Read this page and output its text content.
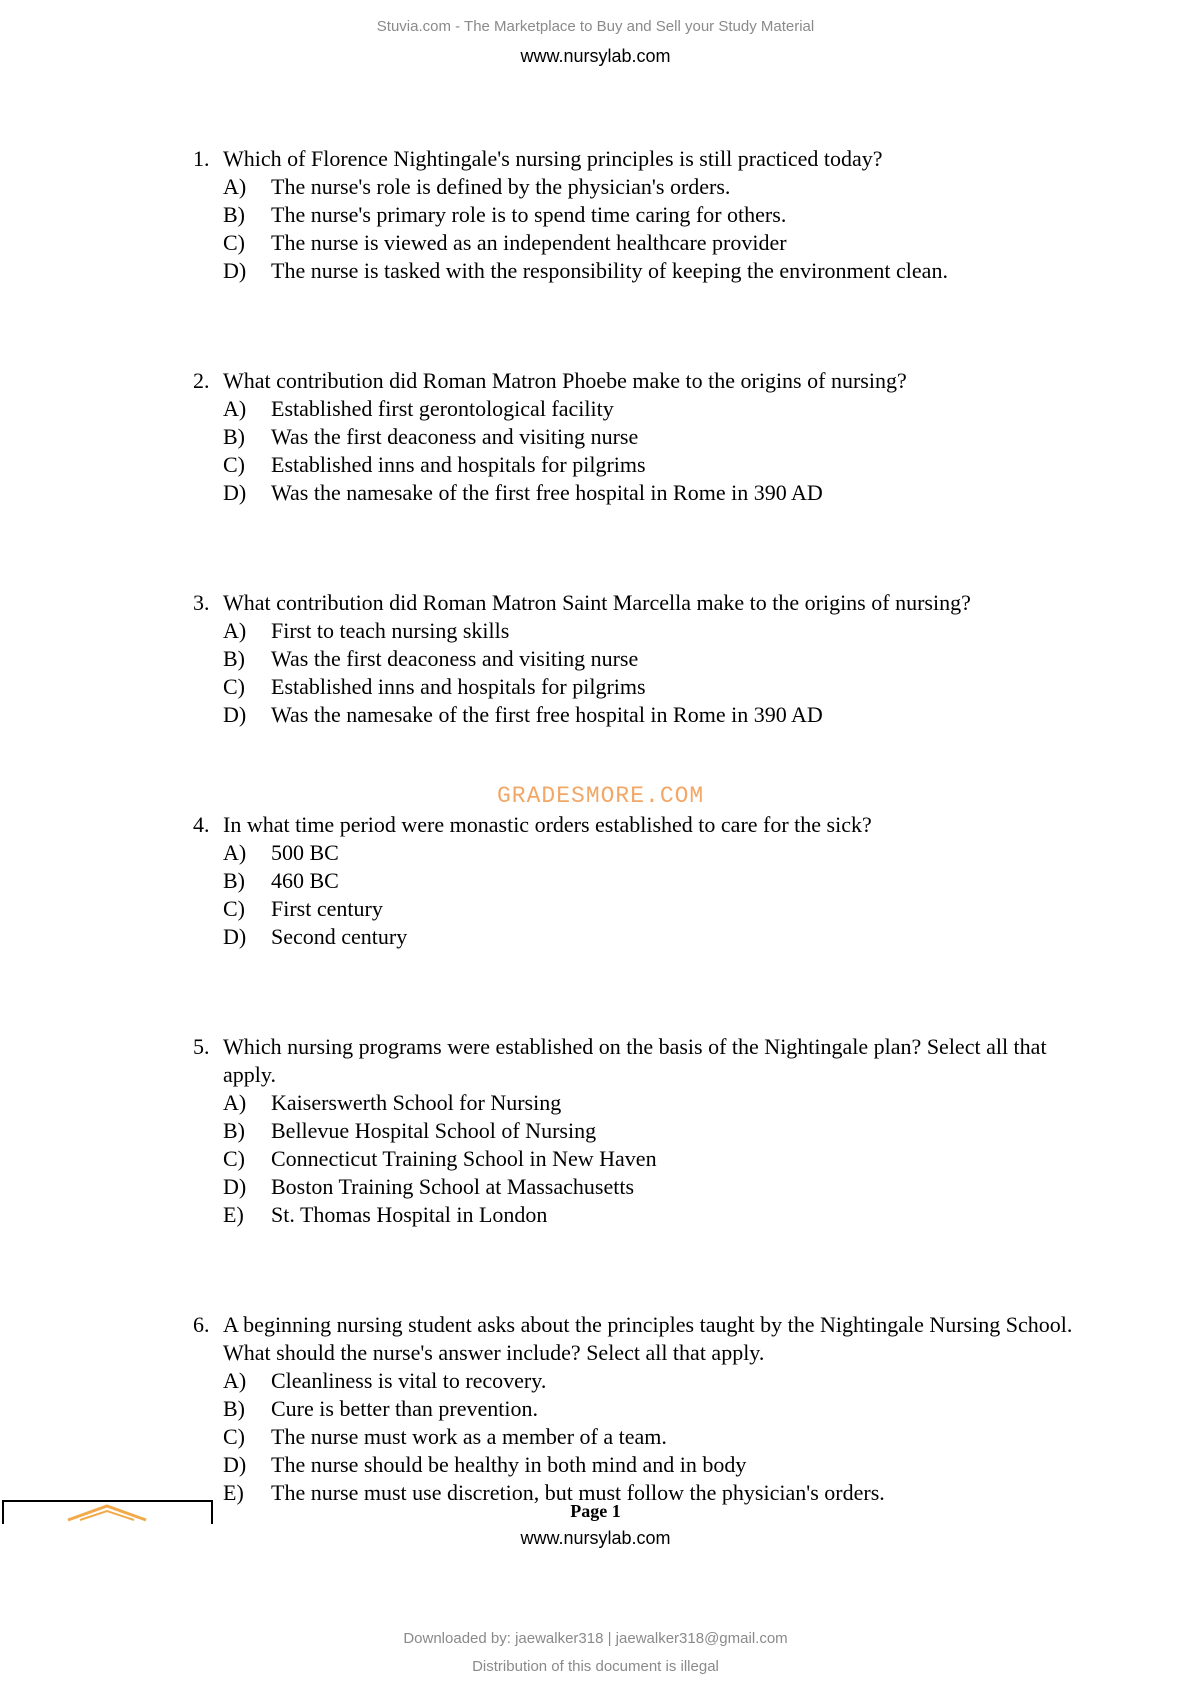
Stuvia.com - The Marketplace to Buy and Sell your Study Material
www.nursylab.com
1. Which of Florence Nightingale's nursing principles is still practiced today?
A)	The nurse's role is defined by the physician's orders.
B)	The nurse's primary role is to spend time caring for others.
C)	The nurse is viewed as an independent healthcare provider
D)	The nurse is tasked with the responsibility of keeping the environment clean.
2. What contribution did Roman Matron Phoebe make to the origins of nursing?
A)	Established first gerontological facility
B)	Was the first deaconess and visiting nurse
C)	Established inns and hospitals for pilgrims
D)	Was the namesake of the first free hospital in Rome in 390 AD
3. What contribution did Roman Matron Saint Marcella make to the origins of nursing?
A)	First to teach nursing skills
B)	Was the first deaconess and visiting nurse
C)	Established inns and hospitals for pilgrims
D)	Was the namesake of the first free hospital in Rome in 390 AD
4. In what time period were monastic orders established to care for the sick?
A)	500 BC
B)	460 BC
C)	First century
D)	Second century
5. Which nursing programs were established on the basis of the Nightingale plan? Select all that apply.
A)	Kaiserswerth School for Nursing
B)	Bellevue Hospital School of Nursing
C)	Connecticut Training School in New Haven
D)	Boston Training School at Massachusetts
E)	St. Thomas Hospital in London
6. A beginning nursing student asks about the principles taught by the Nightingale Nursing School. What should the nurse's answer include? Select all that apply.
A)	Cleanliness is vital to recovery.
B)	Cure is better than prevention.
C)	The nurse must work as a member of a team.
D)	The nurse should be healthy in both mind and in body
E)	The nurse must use discretion, but must follow the physician's orders.
GRADESMORE.COM
Page 1
www.nursylab.com
Downloaded by: jaewalker318 | jaewalker318@gmail.com
Distribution of this document is illegal
